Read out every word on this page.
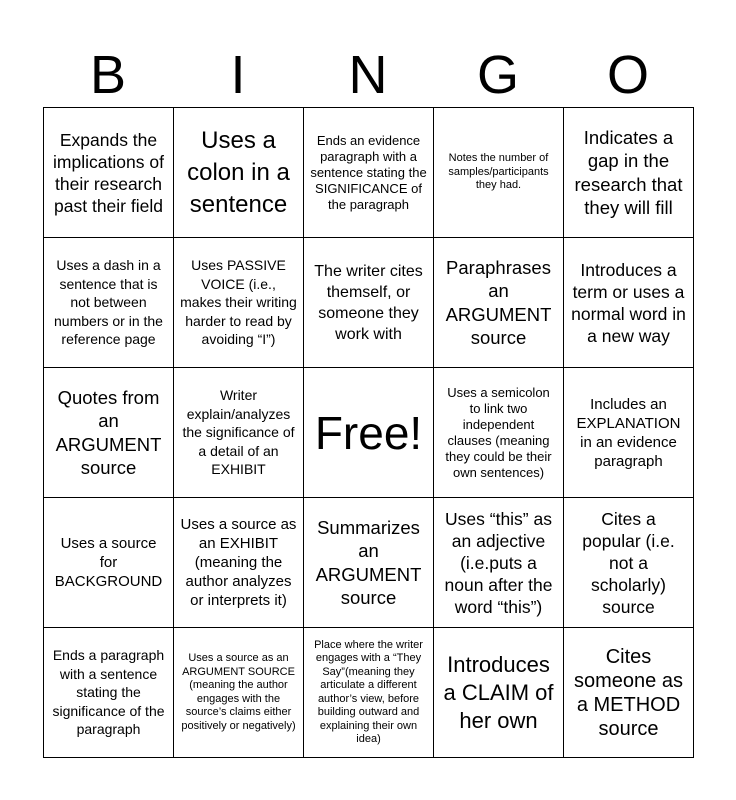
B	I	N	G	O
Expands the implications of their research past their field
Uses a colon in a sentence
Ends an evidence paragraph with a sentence stating the SIGNIFICANCE of the paragraph
Notes the number of samples/participants they had.
Indicates a gap in the research that they will fill
Uses a dash in a sentence that is not between numbers or in the reference page
Uses PASSIVE VOICE (i.e., makes their writing harder to read by avoiding “I”)
The writer cites themself, or someone they work with
Paraphrases an ARGUMENT source
Introduces a term or uses a normal word in a new way
Quotes from an ARGUMENT source
Writer explain/analyzes the significance of a detail of an EXHIBIT
Free!
Uses a semicolon to link two independent clauses (meaning they could be their own sentences)
Includes an EXPLANATION in an evidence paragraph
Uses a source for BACKGROUND
Uses a source as an EXHIBIT (meaning the author analyzes or interprets it)
Summarizes an ARGUMENT source
Uses “this” as an adjective (i.e.puts a noun after the word “this”)
Cites a popular (i.e. not a scholarly) source
Ends a paragraph with a sentence stating the significance of the paragraph
Uses a source as an ARGUMENT SOURCE (meaning the author engages with the source’s claims either positively or negatively)
Place where the writer engages with a “They Say”(meaning they articulate a different author’s view, before building outward and explaining their own idea)
Introduces a CLAIM of her own
Cites someone as a METHOD source
